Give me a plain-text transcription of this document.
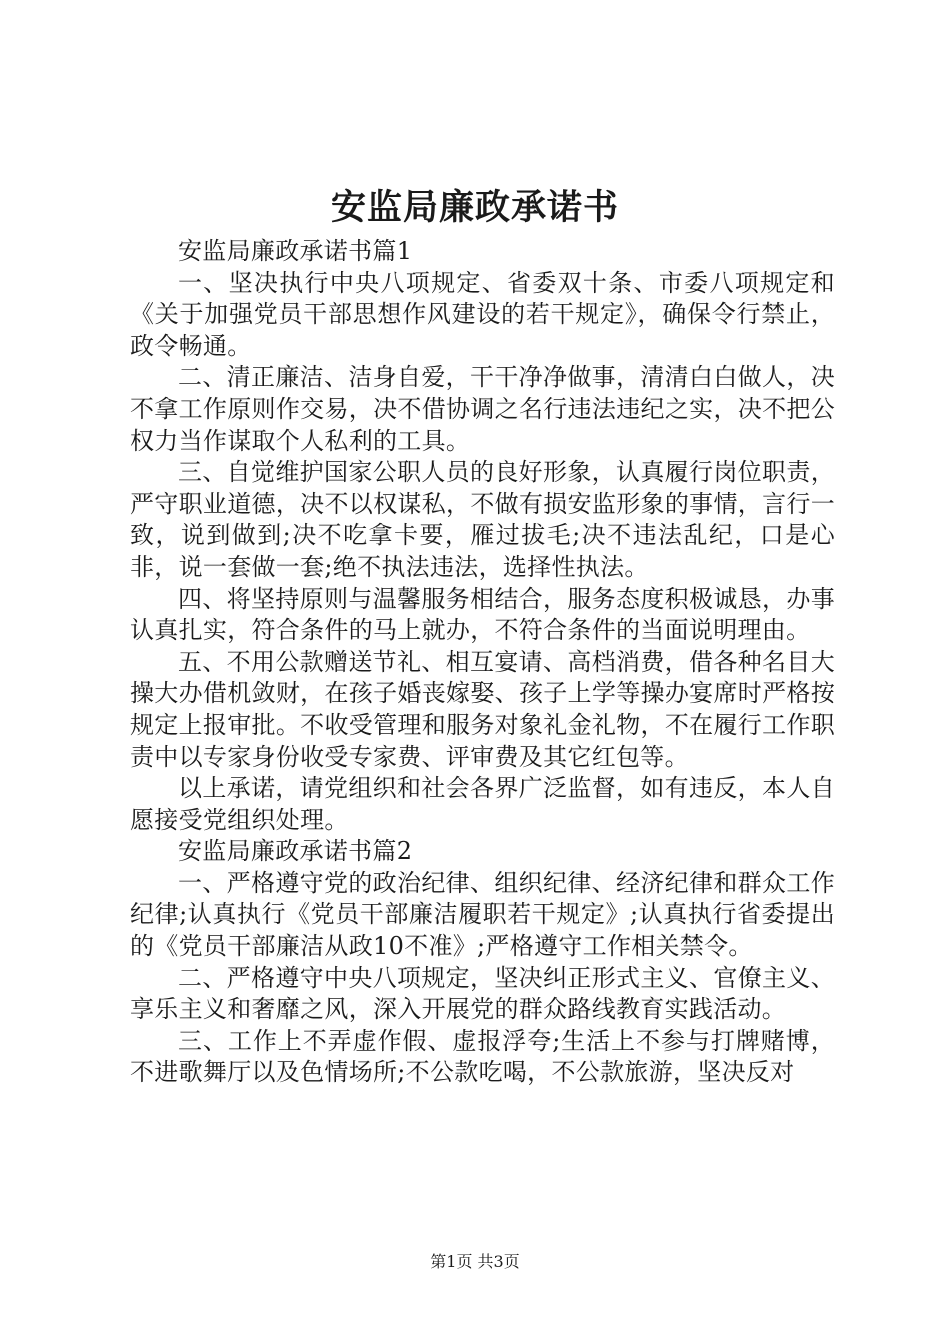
安监局廉政承诺书

安监局廉政承诺书篇1

一、坚决执行中央八项规定、省委双十条、市委八项规定和《关于加强党员干部思想作风建设的若干规定》，确保令行禁止，政令畅通。

二、清正廉洁、洁身自爱，干干净净做事，清清白白做人，决不拿工作原则作交易，决不借协调之名行违法违纪之实，决不把公权力当作谋取个人私利的工具。

三、自觉维护国家公职人员的良好形象，认真履行岗位职责，严守职业道德，决不以权谋私，不做有损安监形象的事情，言行一致，说到做到;决不吃拿卡要，雁过拔毛;决不违法乱纪，口是心非，说一套做一套;绝不执法违法，选择性执法。

四、将坚持原则与温馨服务相结合，服务态度积极诚恳，办事认真扎实，符合条件的马上就办，不符合条件的当面说明理由。

五、不用公款赠送节礼、相互宴请、高档消费，借各种名目大操大办借机敛财，在孩子婚丧嫁娶、孩子上学等操办宴席时严格按规定上报审批。不收受管理和服务对象礼金礼物，不在履行工作职责中以专家身份收受专家费、评审费及其它红包等。

以上承诺，请党组织和社会各界广泛监督，如有违反，本人自愿接受党组织处理。

安监局廉政承诺书篇2

一、严格遵守党的政治纪律、组织纪律、经济纪律和群众工作纪律;认真执行《党员干部廉洁履职若干规定》;认真执行省委提出的《党员干部廉洁从政10不准》;严格遵守工作相关禁令。

二、严格遵守中央八项规定，坚决纠正形式主义、官僚主义、享乐主义和奢靡之风，深入开展党的群众路线教育实践活动。

三、工作上不弄虚作假、虚报浮夸;生活上不参与打牌赌博，不进歌舞厅以及色情场所;不公款吃喝，不公款旅游，坚决反对

第1页 共3页
